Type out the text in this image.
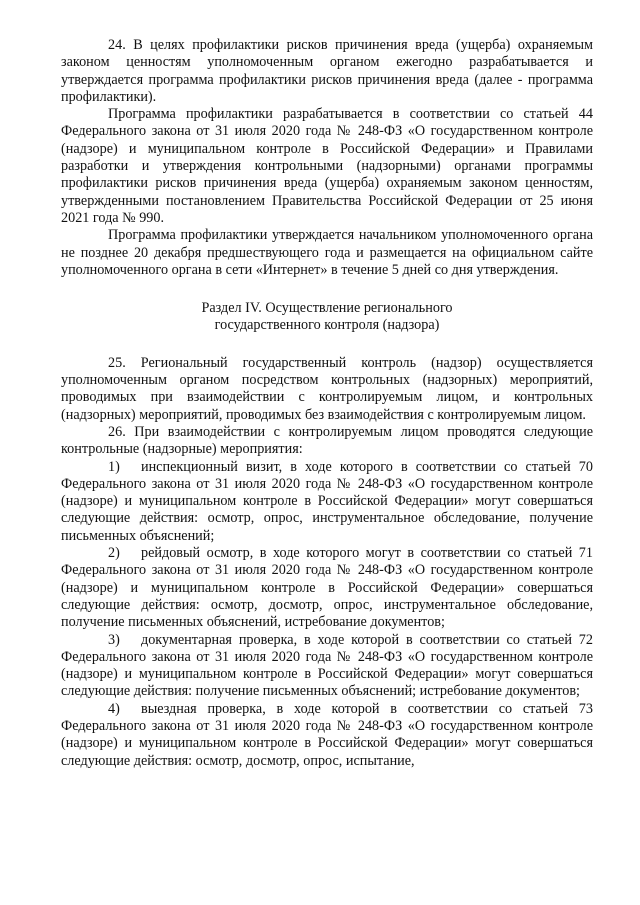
24. В целях профилактики рисков причинения вреда (ущерба) охраняемым законом ценностям уполномоченным органом ежегодно разрабатывается и утверждается программа профилактики рисков причинения вреда (далее - программа профилактики).

Программа профилактики разрабатывается в соответствии со статьей 44 Федерального закона от 31 июля 2020 года № 248-ФЗ «О государственном контроле (надзоре) и муниципальном контроле в Российской Федерации» и Правилами разработки и утверждения контрольными (надзорными) органами программы профилактики рисков причинения вреда (ущерба) охраняемым законом ценностям, утвержденными постановлением Правительства Российской Федерации от 25 июня 2021 года № 990.

Программа профилактики утверждается начальником уполномоченного органа не позднее 20 декабря предшествующего года и размещается на официальном сайте уполномоченного органа в сети «Интернет» в течение 5 дней со дня утверждения.

Раздел IV. Осуществление регионального
государственного контроля (надзора)

25. Региональный государственный контроль (надзор) осуществляется уполномоченным органом посредством контрольных (надзорных) мероприятий, проводимых при взаимодействии с контролируемым лицом, и контрольных (надзорных) мероприятий, проводимых без взаимодействия с контролируемым лицом.

26. При взаимодействии с контролируемым лицом проводятся следующие контрольные (надзорные) мероприятия:

1) инспекционный визит, в ходе которого в соответствии со статьей 70 Федерального закона от 31 июля 2020 года № 248-ФЗ «О государственном контроле (надзоре) и муниципальном контроле в Российской Федерации» могут совершаться следующие действия: осмотр, опрос, инструментальное обследование, получение письменных объяснений;

2) рейдовый осмотр, в ходе которого могут в соответствии со статьей 71 Федерального закона от 31 июля 2020 года № 248-ФЗ «О государственном контроле (надзоре) и муниципальном контроле в Российской Федерации» совершаться следующие действия: осмотр, досмотр, опрос, инструментальное обследование, получение письменных объяснений, истребование документов;

3) документарная проверка, в ходе которой в соответствии со статьей 72 Федерального закона от 31 июля 2020 года № 248-ФЗ «О государственном контроле (надзоре) и муниципальном контроле в Российской Федерации» могут совершаться следующие действия: получение письменных объяснений; истребование документов;

4) выездная проверка, в ходе которой в соответствии со статьей 73 Федерального закона от 31 июля 2020 года № 248-ФЗ «О государственном контроле (надзоре) и муниципальном контроле в Российской Федерации» могут совершаться следующие действия: осмотр, досмотр, опрос, испытание,
